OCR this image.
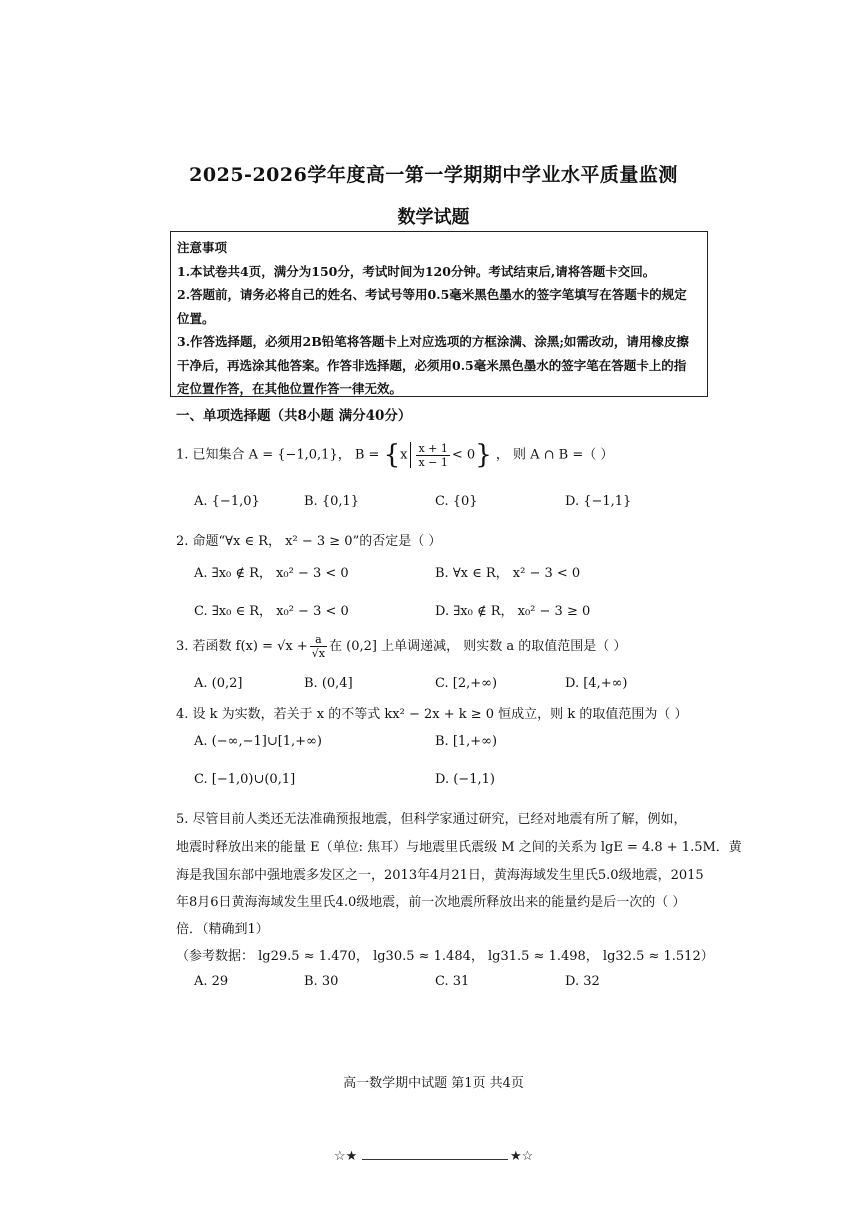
2025-2026学年度高一第一学期期中学业水平质量监测
数学试题
注意事项
1.本试卷共4页，满分为150分，考试时间为120分钟。考试结束后,请将答题卡交回。
2.答题前，请务必将自己的姓名、考试号等用0.5毫米黑色墨水的签字笔填写在答题卡的规定
位置。
3.作答选择题，必须用2B铅笔将答题卡上对应选项的方框涂满、涂黑;如需改动，请用橡皮擦
干净后，再选涂其他答案。作答非选择题，必须用0.5毫米黑色墨水的签字笔在答题卡上的指
定位置作答，在其他位置作答一律无效。
一、单项选择题（共8小题 满分40分）
1. 已知集合 A = {−1,0,1}， $B = \{x \frac{x + 1}{x - 1} < 0\}$ ， 则 A ∩ B =（ ）
A. {−1,0}	B. {0,1}	C. {0}	D. {−1,1}
2. 命题“∀x ∈ R， x² − 3 ≥ 0”的否定是（ ）
A. ∃x₀ ∉ R， x₀² − 3 < 0	B. ∀x ∈ R， x² − 3 < 0
C. ∃x₀ ∈ R， x₀² − 3 < 0	D. ∃x₀ ∉ R， x₀² − 3 ≥ 0
3. 若函数 $f(x) = √x + \frac{a}{√x}$ 在 (0,2] 上单调递减， 则实数 a 的取值范围是（ ）
A. (0,2]	B. (0,4]	C. [2,+∞)	D. [4,+∞)
4. 设 k 为实数，若关于 x 的不等式 kx² − 2x + k ≥ 0 恒成立，则 k 的取值范围为（ ）
A. (−∞,−1]∪[1,+∞)	B. [1,+∞)
C. [−1,0)∪(0,1]	D. (−1,1)
5. 尽管目前人类还无法准确预报地震，但科学家通过研究，已经对地震有所了解，例如，
地震时释放出来的能量 E（单位: 焦耳）与地震里氏震级 M 之间的关系为 lgE = 4.8 + 1.5M．黄
海是我国东部中强地震多发区之一，2013年4月21日，黄海海域发生里氏5.0级地震，2015
年8月6日黄海海域发生里氏4.0级地震，前一次地震所释放出来的能量约是后一次的（ ）
倍．（精确到1）
（参考数据： lg29.5 ≈ 1.470， lg30.5 ≈ 1.484， lg31.5 ≈ 1.498， lg32.5 ≈ 1.512）
A. 29	B. 30	C. 31	D. 32
高一数学期中试题 第1页 共4页
☆★	★☆
